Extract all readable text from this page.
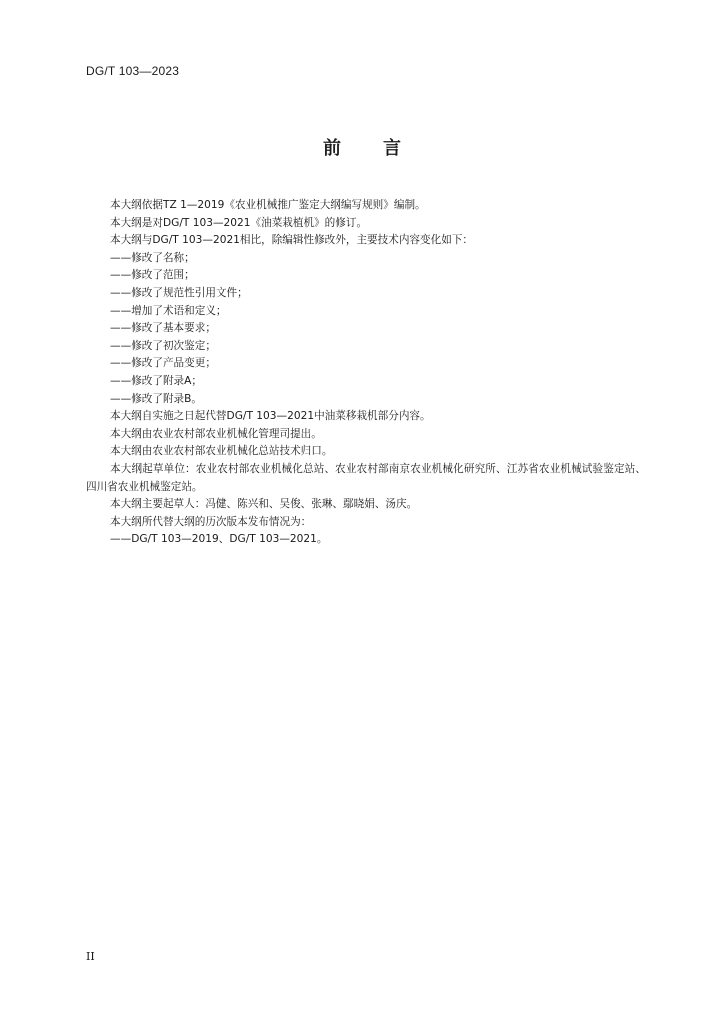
DG/T 103—2023
前言

本大纲依据TZ 1—2019《农业机械推广鉴定大纲编写规则》编制。

本大纲是对DG/T 103—2021《油菜栽植机》的修订。

本大纲与DG/T 103—2021相比，除编辑性修改外，主要技术内容变化如下：

——修改了名称；

——修改了范围；

——修改了规范性引用文件；

——增加了术语和定义；

——修改了基本要求；

——修改了初次鉴定；

——修改了产品变更；

——修改了附录A；

——修改了附录B。

本大纲自实施之日起代替DG/T 103—2021中油菜移栽机部分内容。

本大纲由农业农村部农业机械化管理司提出。

本大纲由农业农村部农业机械化总站技术归口。

本大纲起草单位：农业农村部农业机械化总站、农业农村部南京农业机械化研究所、江苏省农业机械试验鉴定站、四川省农业机械鉴定站。

本大纲主要起草人：冯健、陈兴和、吴俊、张琳、鄢晓娟、汤庆。

本大纲所代替大纲的历次版本发布情况为：

——DG/T 103—2019、DG/T 103—2021。

II
